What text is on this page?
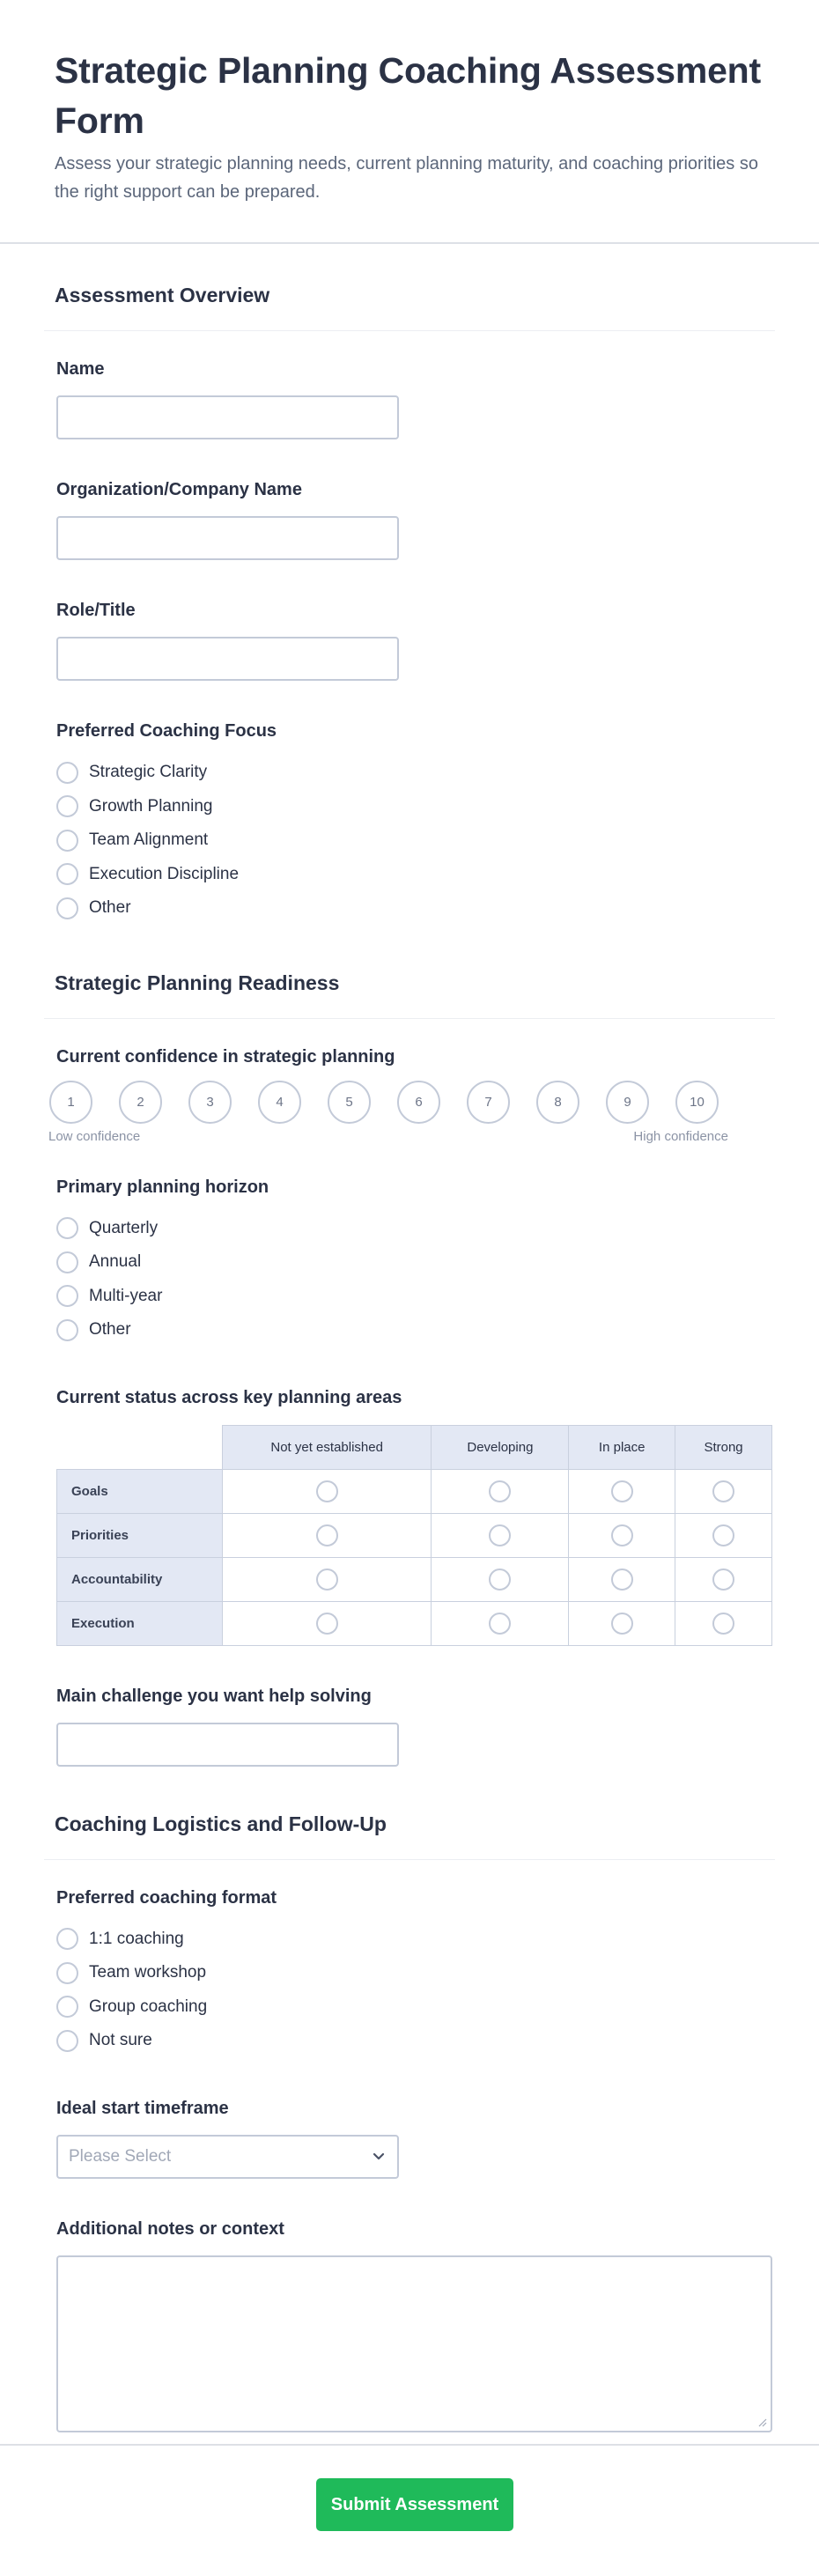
Strategic Planning Coaching Assessment Form

Assess your strategic planning needs, current planning maturity, and coaching priorities so the right support can be prepared.

Assessment Overview
Name
Organization/Company Name
Role/Title
Preferred Coaching Focus
Strategic Clarity
Growth Planning
Team Alignment
Execution Discipline
Other
Strategic Planning Readiness
Current confidence in strategic planning
1	2	3	4	5	6	7	8	9	10
Low confidence	High confidence
Primary planning horizon
Quarterly
Annual
Multi-year
Other
Current status across key planning areas
	Not yet established	Developing	In place	Strong
Goals				
Priorities				
Accountability				
Execution				
Main challenge you want help solving
Coaching Logistics and Follow-Up
Preferred coaching format
1:1 coaching
Team workshop
Group coaching
Not sure
Ideal start timeframe
Please Select
Additional notes or context
Submit Assessment
